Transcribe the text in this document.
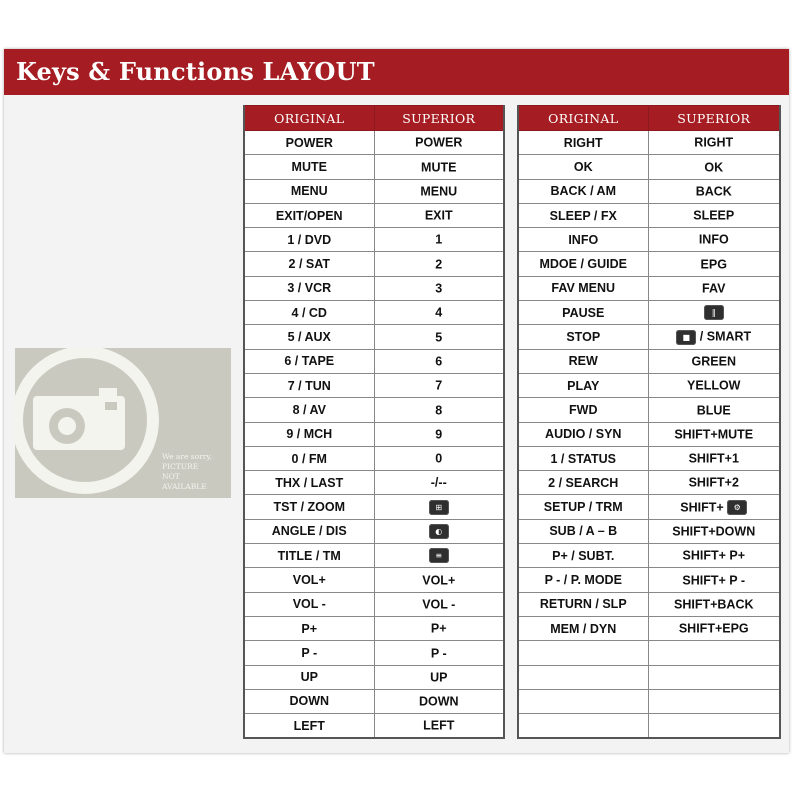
Keys & Functions LAYOUT
We are sorry,
PICTURE
NOT
AVAILABLE
ORIGINAL	SUPERIOR
POWER	POWER
MUTE	MUTE
MENU	MENU
EXIT/OPEN	EXIT
1 / DVD	1
2 / SAT	2
3 / VCR	3
4 / CD	4
5 / AUX	5
6 / TAPE	6
7 / TUN	7
8 / AV	8
9 / MCH	9
0 / FM	0
THX / LAST	-/--
TST / ZOOM	⊞
ANGLE / DIS	◐
TITLE / TM	≡
VOL+	VOL+
VOL -	VOL -
P+	P+
P -	P -
UP	UP
DOWN	DOWN
LEFT	LEFT
ORIGINAL	SUPERIOR
RIGHT	RIGHT
OK	OK
BACK / AM	BACK
SLEEP / FX	SLEEP
INFO	INFO
MDOE / GUIDE	EPG
FAV MENU	FAV
PAUSE	‖
STOP	■ / SMART
REW	GREEN
PLAY	YELLOW
FWD	BLUE
AUDIO / SYN	SHIFT+MUTE
1 / STATUS	SHIFT+1
2 / SEARCH	SHIFT+2
SETUP / TRM	SHIFT+ ⚙
SUB / A – B	SHIFT+DOWN
P+ / SUBT.	SHIFT+ P+
P - / P. MODE	SHIFT+ P -
RETURN / SLP	SHIFT+BACK
MEM / DYN	SHIFT+EPG
